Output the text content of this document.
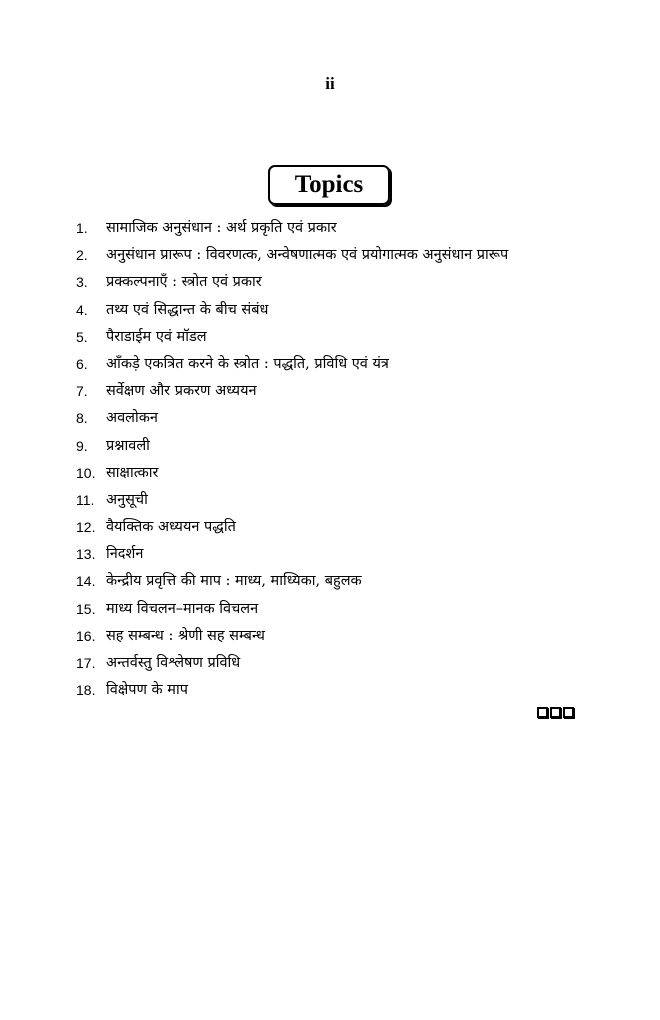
ii
Topics
1.	सामाजिक अनुसंधान : अर्थ प्रकृति एवं प्रकार
2.	अनुसंधान प्रारूप : विवरणत्क, अन्वेषणात्मक एवं प्रयोगात्मक अनुसंधान प्रारूप
3.	प्रक्कल्पनाएँ : स्त्रोत एवं प्रकार
4.	तथ्य एवं सिद्धान्त के बीच संबंध
5.	पैराडाईम एवं मॉडल
6.	आँकड़े एकत्रित करने के स्त्रोत : पद्धति, प्रविधि एवं यंत्र
7.	सर्वेक्षण और प्रकरण अध्ययन
8.	अवलोकन
9.	प्रश्नावली
10. साक्षात्कार
11. अनुसूची
12. वैयक्तिक अध्ययन पद्धति
13. निदर्शन
14. केन्द्रीय प्रवृत्ति की माप : माध्य, माध्यिका, बहुलक
15. माध्य विचलन–मानक विचलन
16. सह सम्बन्ध : श्रेणी सह सम्बन्ध
17. अन्तर्वस्तु विश्लेषण प्रविधि
18. विक्षेपण के माप
